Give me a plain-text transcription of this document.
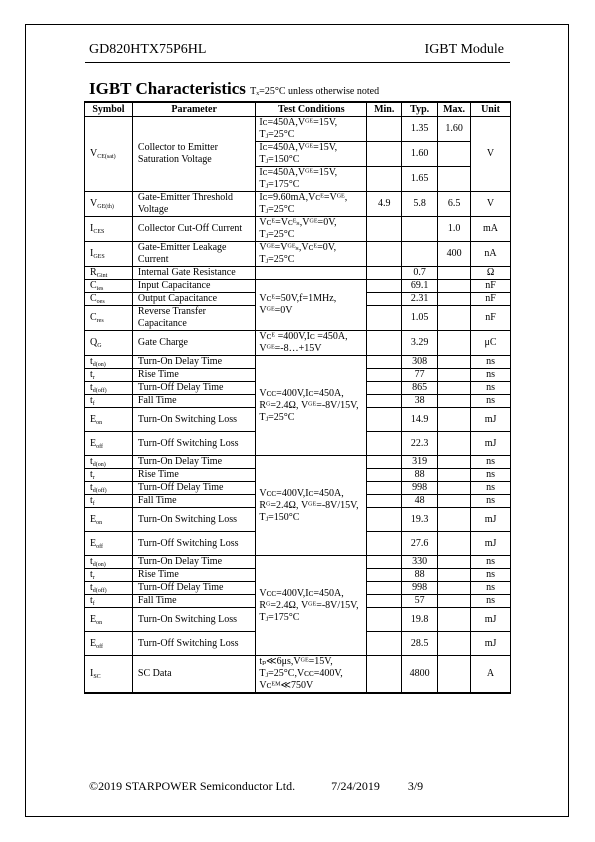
GD820HTX75P6HL	IGBT Module
IGBT Characteristics Tₓ=25°C unless otherwise noted
Symbol	Parameter	Test Conditions	Min.	Typ.	Max.	Unit
$V_{CE(sat)}$	Collector to Emitter Saturation Voltage	Iᴄ=450A,Vᴳᴱ=15V, Tⱼ=25°C		1.35	1.60	V
		Iᴄ=450A,Vᴳᴱ=15V, Tⱼ=150°C		1.60		
		Iᴄ=450A,Vᴳᴱ=15V, Tⱼ=175°C		1.65		
$V_{GE(th)}$	Gate-Emitter Threshold Voltage	Iᴄ=9.60mA,Vᴄᴱ=Vᴳᴱ, Tⱼ=25°C	4.9	5.8	6.5	V
$I_{CES}$	Collector Cut-Off Current	Vᴄᴱ=Vᴄᴱₛ,Vᴳᴱ=0V, Tⱼ=25°C			1.0	mA
$I_{GES}$	Gate-Emitter Leakage Current	Vᴳᴱ=Vᴳᴱₛ,Vᴄᴱ=0V, Tⱼ=25°C			400	nA
$R_{Gint}$	Internal Gate Resistance			0.7		Ω
$C_{ies}$	Input Capacitance	Vᴄᴱ=50V,f=1MHz, Vᴳᴱ=0V		69.1		nF
$C_{oes}$	Output Capacitance			2.31		nF
$C_{res}$	Reverse Transfer Capacitance			1.05		nF
$Q_G$	Gate Charge	Vᴄᴱ =400V,Iᴄ =450A, Vᴳᴱ=-8…+15V		3.29		μC
$t_{d(on)}$	Turn-On Delay Time	Vᴄᴄ=400V,Iᴄ=450A, Rᴳ=2.4Ω, Vᴳᴱ=-8V/15V, Tⱼ=25°C		308		ns
$t_r$	Rise Time			77		ns
$t_{d(off)}$	Turn-Off Delay Time			865		ns
$t_f$	Fall Time			38		ns
$E_{on}$	Turn-On Switching Loss			14.9		mJ
$E_{off}$	Turn-Off Switching Loss			22.3		mJ
$t_{d(on)}$	Turn-On Delay Time	Vᴄᴄ=400V,Iᴄ=450A, Rᴳ=2.4Ω, Vᴳᴱ=-8V/15V, Tⱼ=150°C		319		ns
$t_r$	Rise Time			88		ns
$t_{d(off)}$	Turn-Off Delay Time			998		ns
$t_f$	Fall Time			48		ns
$E_{on}$	Turn-On Switching Loss			19.3		mJ
$E_{off}$	Turn-Off Switching Loss			27.6		mJ
$t_{d(on)}$	Turn-On Delay Time	Vᴄᴄ=400V,Iᴄ=450A, Rᴳ=2.4Ω, Vᴳᴱ=-8V/15V, Tⱼ=175°C		330		ns
$t_r$	Rise Time			88		ns
$t_{d(off)}$	Turn-Off Delay Time			998		ns
$t_f$	Fall Time			57		ns
$E_{on}$	Turn-On Switching Loss			19.8		mJ
$E_{off}$	Turn-Off Switching Loss			28.5		mJ
$I_{SC}$	SC Data	tₚ≪6μs,Vᴳᴱ=15V, Tⱼ=25°C,Vᴄᴄ=400V, Vᴄᴱᴹ≪750V		4800		A
©2019 STARPOWER Semiconductor Ltd.	7/24/2019 3/9
